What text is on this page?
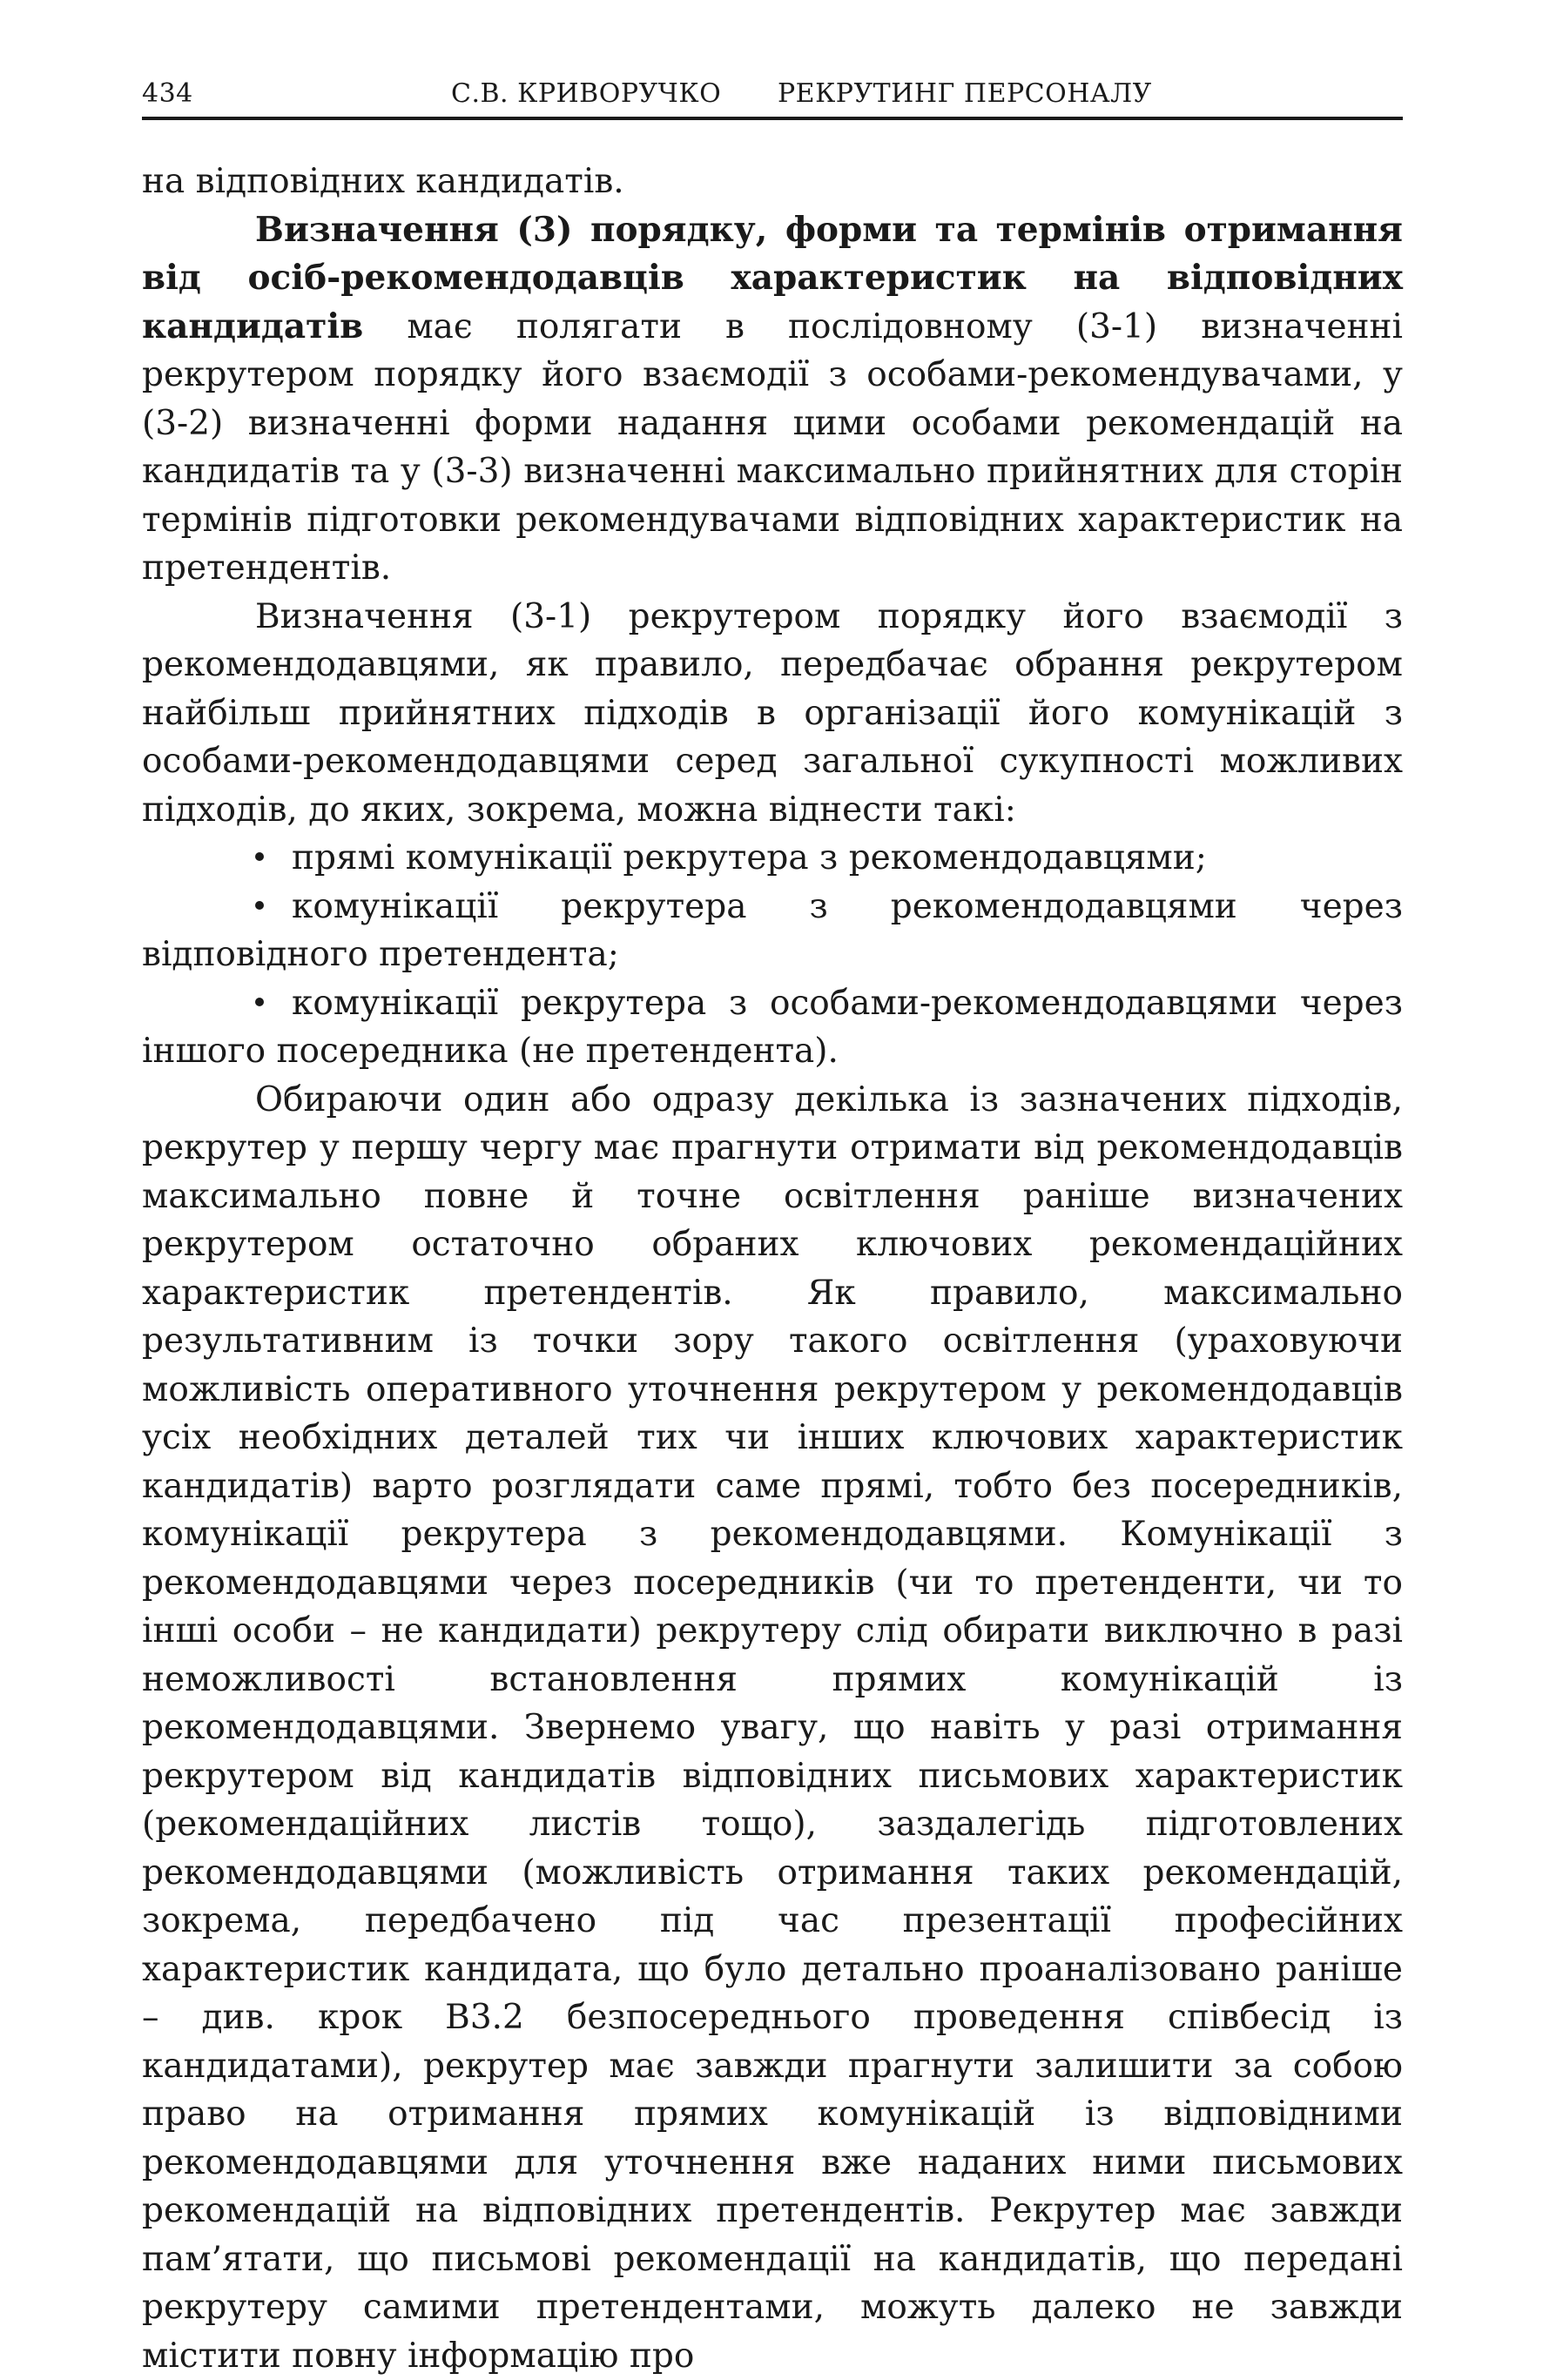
434	С.В. КРИВОРУЧКО РЕКРУТИНГ ПЕРСОНАЛУ

на відповідних кандидатів.

Визначення (3) порядку, форми та термінів отримання від осіб-рекомендодавців характеристик на відповідних кандидатів має полягати в послідовному (3-1) визначенні рекрутером порядку його взаємодії з особами-рекомендувачами, у (3-2) визначенні форми надання цими особами рекомендацій на кандидатів та у (3-3) визначенні максимально прийнятних для сторін термінів підготовки рекомендувачами відповідних характеристик на претендентів.

Визначення (3-1) рекрутером порядку його взаємодії з рекомендодавцями, як правило, передбачає обрання рекрутером найбільш прийнятних підходів в організації його комунікацій з особами-рекомендодавцями серед загальної сукупності можливих підходів, до яких, зокрема, можна віднести такі:

прямі комунікації рекрутера з рекомендодавцями;
комунікації рекрутера з рекомендодавцями через відповідного претендента;
комунікації рекрутера з особами-рекомендодавцями через іншого посередника (не претендента).

Обираючи один або одразу декілька із зазначених підходів, рекрутер у першу чергу має прагнути отримати від рекомендодавців максимально повне й точне освітлення раніше визначених рекрутером остаточно обраних ключових рекомендаційних характеристик претендентів. Як правило, максимально результативним із точки зору такого освітлення (ураховуючи можливість оперативного уточнення рекрутером у рекомендодавців усіх необхідних деталей тих чи інших ключових характеристик кандидатів) варто розглядати саме прямі, тобто без посередників, комунікації рекрутера з рекомендодавцями. Комунікації з рекомендодавцями через посередників (чи то претенденти, чи то інші особи – не кандидати) рекрутеру слід обирати виключно в разі неможливості встановлення прямих комунікацій із рекомендодавцями. Звернемо увагу, що навіть у разі отримання рекрутером від кандидатів відповідних письмових характеристик (рекомендаційних листів тощо), заздалегідь підготовлених рекомендодавцями (можливість отримання таких рекомендацій, зокрема, передбачено під час презентації професійних характеристик кандидата, що було детально проаналізовано раніше – див. крок В3.2 безпосереднього проведення співбесід із кандидатами), рекрутер має завжди прагнути залишити за собою право на отримання прямих комунікацій із відповідними рекомендодавцями для уточнення вже наданих ними письмових рекомендацій на відповідних претендентів. Рекрутер має завжди пам’ятати, що письмові рекомендації на кандидатів, що передані рекрутеру самими претендентами, можуть далеко не завжди містити повну інформацію про
